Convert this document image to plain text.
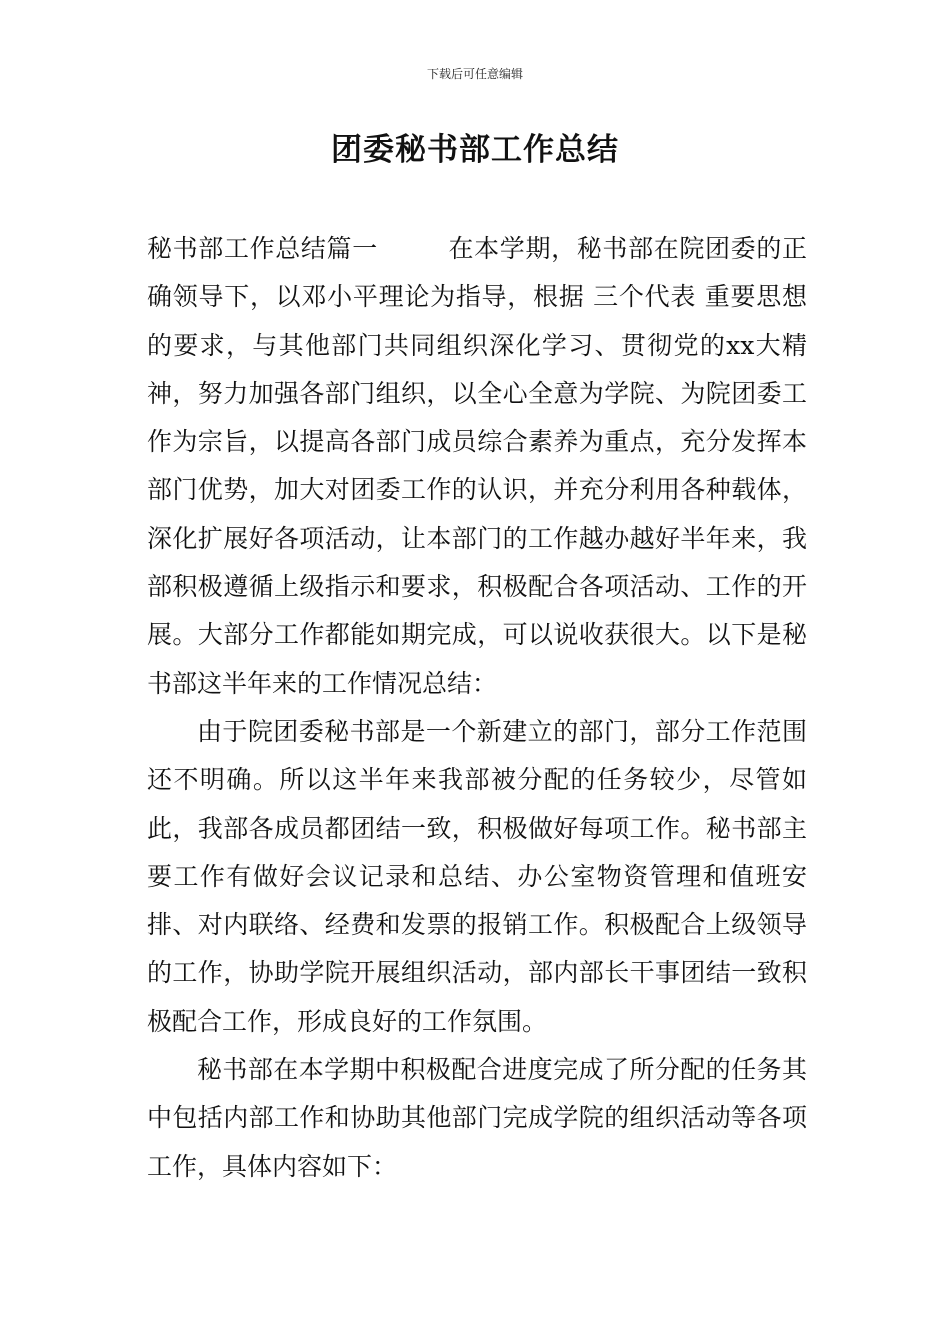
下载后可任意编辑
团委秘书部工作总结

秘书部工作总结篇一	在本学期，秘书部在院团委的正确领导下，以邓小平理论为指导，根据 三个代表 重要思想的要求，与其他部门共同组织深化学习、贯彻党的xx大精神，努力加强各部门组织，以全心全意为学院、为院团委工作为宗旨，以提高各部门成员综合素养为重点，充分发挥本部门优势，加大对团委工作的认识，并充分利用各种载体，深化扩展好各项活动，让本部门的工作越办越好半年来，我部积极遵循上级指示和要求，积极配合各项活动、工作的开展。大部分工作都能如期完成，可以说收获很大。以下是秘书部这半年来的工作情况总结：

由于院团委秘书部是一个新建立的部门，部分工作范围还不明确。所以这半年来我部被分配的任务较少，尽管如此，我部各成员都团结一致，积极做好每项工作。秘书部主要工作有做好会议记录和总结、办公室物资管理和值班安排、对内联络、经费和发票的报销工作。积极配合上级领导的工作，协助学院开展组织活动，部内部长干事团结一致积极配合工作，形成良好的工作氛围。

秘书部在本学期中积极配合进度完成了所分配的任务其中包括内部工作和协助其他部门完成学院的组织活动等各项工作，具体内容如下：
